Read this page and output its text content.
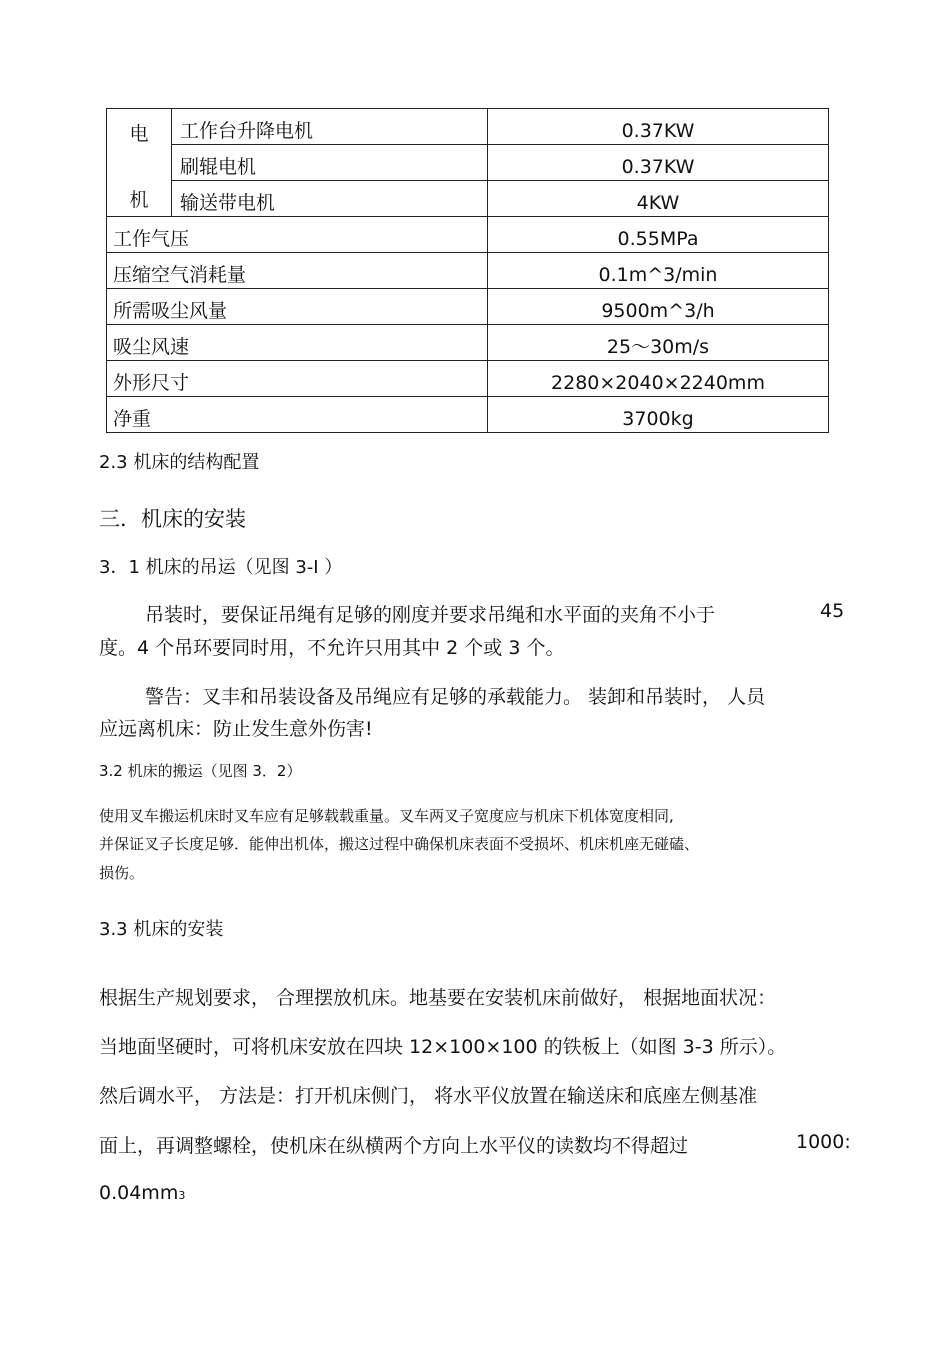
电
机	工作台升降电机	0.37KW
	刷辊电机	0.37KW
	输送带电机	4KW
工作气压		0.55MPa
压缩空气消耗量		0.1m^3/min
所需吸尘风量		9500m^3/h
吸尘风速		25～30m/s
外形尺寸		2280×2040×2240mm
净重		3700kg
2.3 机床的结构配置
三．机床的安装
3．1 机床的吊运（见图 3-I ）
吊装时，要保证吊绳有足够的刚度并要求吊绳和水平面的夹角不小于	45
度。4 个吊环要同时用，不允许只用其中 2 个或 3 个。
警告：叉丰和吊装设备及吊绳应有足够的承载能力。 装卸和吊装时， 人员
应远离机床：防止发生意外伤害!
3.2 机床的搬运（见图 3．2）
使用叉车搬运机床时叉车应有足够载载重量。叉车两叉子宽度应与机床下机体宽度相同,
并保证叉子长度足够．能伸出机体，搬这过程中确保机床表面不受损坏、机床机座无碰磕、
损伤。
3.3 机床的安装
根据生产规划要求， 合理摆放机床。地基要在安装机床前做好， 根据地面状况：
当地面坚硬时，可将机床安放在四块 12×100×100 的铁板上（如图 3-3 所示）。
然后调水平， 方法是：打开机床侧门， 将水平仪放置在输送床和底座左侧基准
面上，再调整螺栓，使机床在纵横两个方向上水平仪的读数均不得超过	1000:
0.04mm3
